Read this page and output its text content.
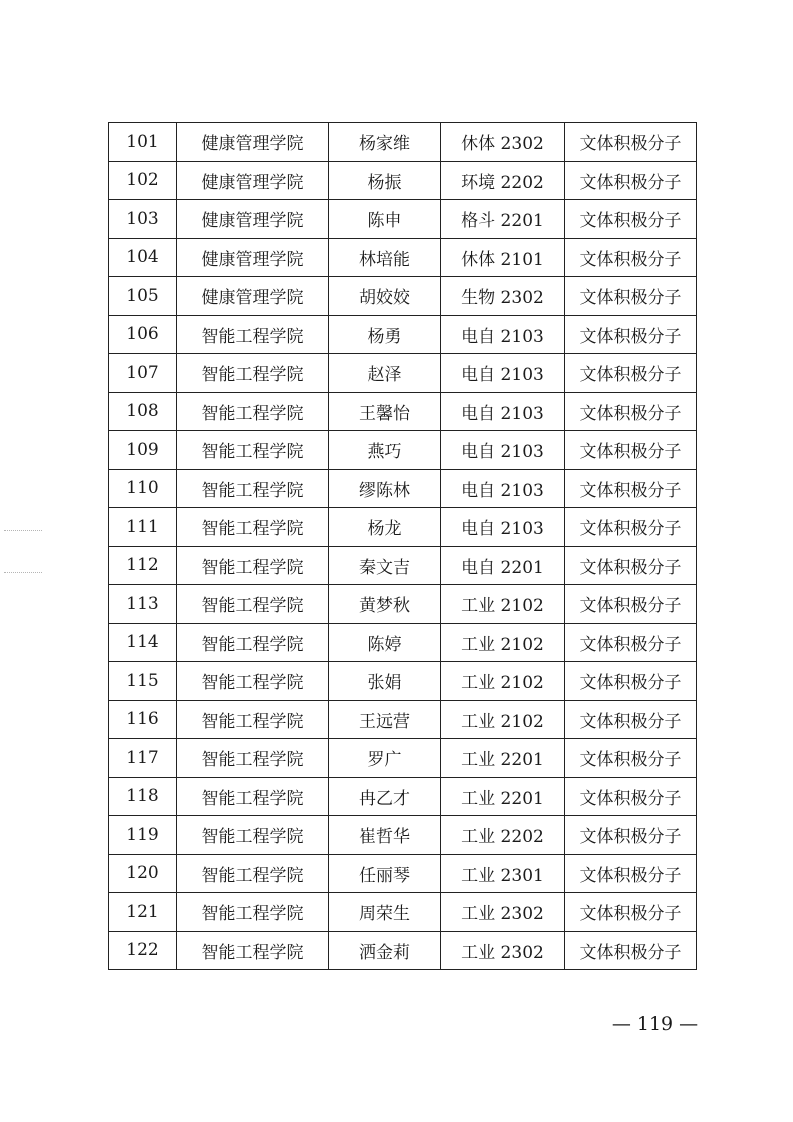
101	健康管理学院	杨家维	休体 2302	文体积极分子
102	健康管理学院	杨振	环境 2202	文体积极分子
103	健康管理学院	陈申	格斗 2201	文体积极分子
104	健康管理学院	林培能	休体 2101	文体积极分子
105	健康管理学院	胡姣姣	生物 2302	文体积极分子
106	智能工程学院	杨勇	电自 2103	文体积极分子
107	智能工程学院	赵泽	电自 2103	文体积极分子
108	智能工程学院	王馨怡	电自 2103	文体积极分子
109	智能工程学院	燕巧	电自 2103	文体积极分子
110	智能工程学院	缪陈林	电自 2103	文体积极分子
111	智能工程学院	杨龙	电自 2103	文体积极分子
112	智能工程学院	秦文吉	电自 2201	文体积极分子
113	智能工程学院	黄梦秋	工业 2102	文体积极分子
114	智能工程学院	陈婷	工业 2102	文体积极分子
115	智能工程学院	张娟	工业 2102	文体积极分子
116	智能工程学院	王远营	工业 2102	文体积极分子
117	智能工程学院	罗广	工业 2201	文体积极分子
118	智能工程学院	冉乙才	工业 2201	文体积极分子
119	智能工程学院	崔哲华	工业 2202	文体积极分子
120	智能工程学院	任丽琴	工业 2301	文体积极分子
121	智能工程学院	周荣生	工业 2302	文体积极分子
122	智能工程学院	洒金莉	工业 2302	文体积极分子
— 119 —
